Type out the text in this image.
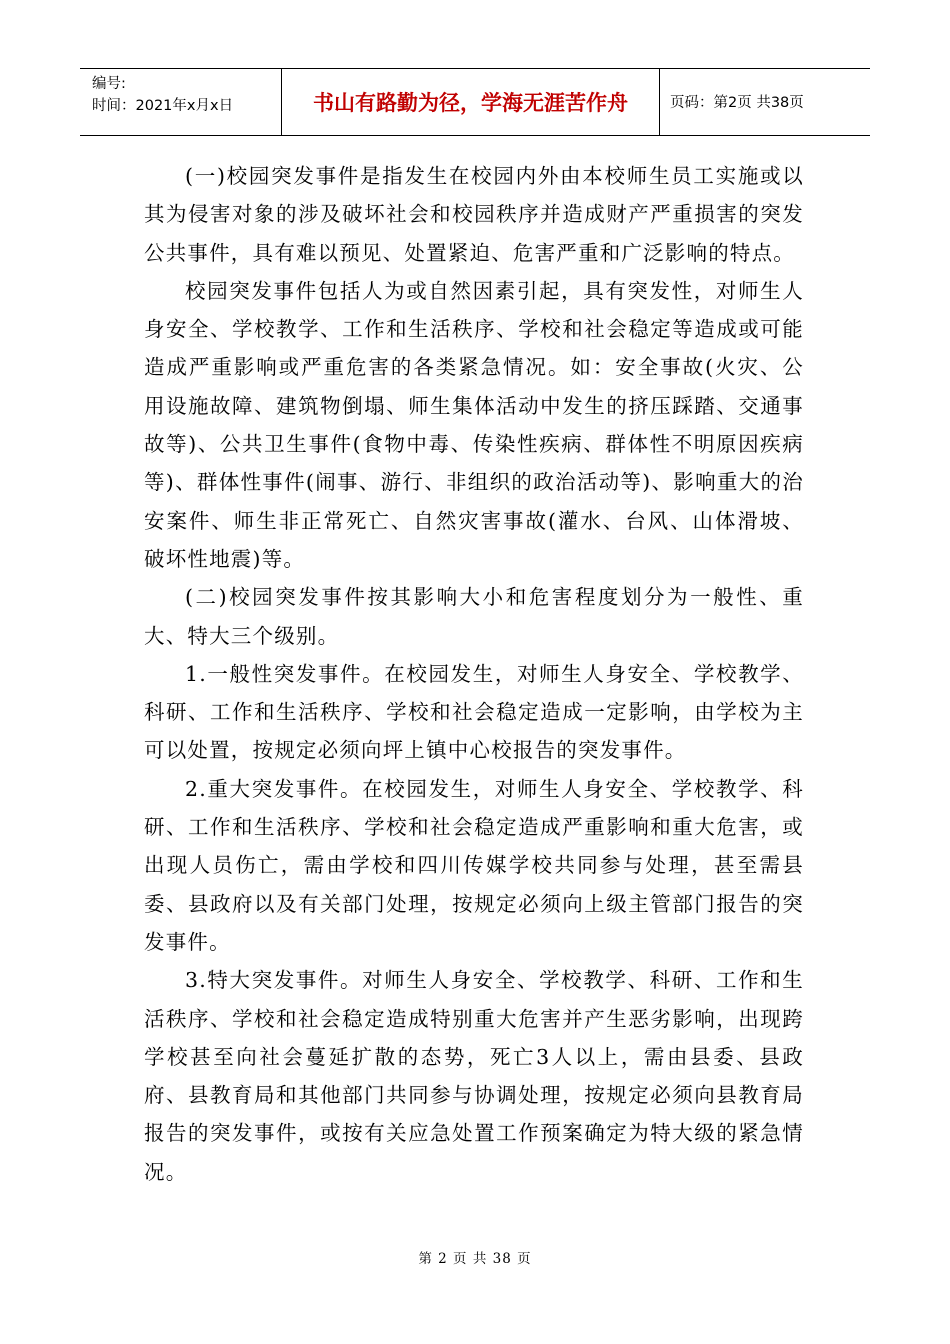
编号:
时间：2021年x月x日	书山有路勤为径，学海无涯苦作舟	页码：第2页 共38页

(一)校园突发事件是指发生在校园内外由本校师生员工实施或以其为侵害对象的涉及破坏社会和校园秩序并造成财产严重损害的突发公共事件，具有难以预见、处置紧迫、危害严重和广泛影响的特点。

校园突发事件包括人为或自然因素引起，具有突发性，对师生人身安全、学校教学、工作和生活秩序、学校和社会稳定等造成或可能造成严重影响或严重危害的各类紧急情况。如：安全事故(火灾、公用设施故障、建筑物倒塌、师生集体活动中发生的挤压踩踏、交通事故等)、公共卫生事件(食物中毒、传染性疾病、群体性不明原因疾病等)、群体性事件(闹事、游行、非组织的政治活动等)、影响重大的治安案件、师生非正常死亡、自然灾害事故(灌水、台风、山体滑坡、破坏性地震)等。

(二)校园突发事件按其影响大小和危害程度划分为一般性、重大、特大三个级别。

1.一般性突发事件。在校园发生，对师生人身安全、学校教学、科研、工作和生活秩序、学校和社会稳定造成一定影响，由学校为主可以处置，按规定必须向坪上镇中心校报告的突发事件。

2.重大突发事件。在校园发生，对师生人身安全、学校教学、科研、工作和生活秩序、学校和社会稳定造成严重影响和重大危害，或出现人员伤亡，需由学校和四川传媒学校共同参与处理，甚至需县委、县政府以及有关部门处理，按规定必须向上级主管部门报告的突发事件。

3.特大突发事件。对师生人身安全、学校教学、科研、工作和生活秩序、学校和社会稳定造成特别重大危害并产生恶劣影响，出现跨学校甚至向社会蔓延扩散的态势，死亡3人以上，需由县委、县政府、县教育局和其他部门共同参与协调处理，按规定必须向县教育局报告的突发事件，或按有关应急处置工作预案确定为特大级的紧急情况。

第 2 页 共 38 页
